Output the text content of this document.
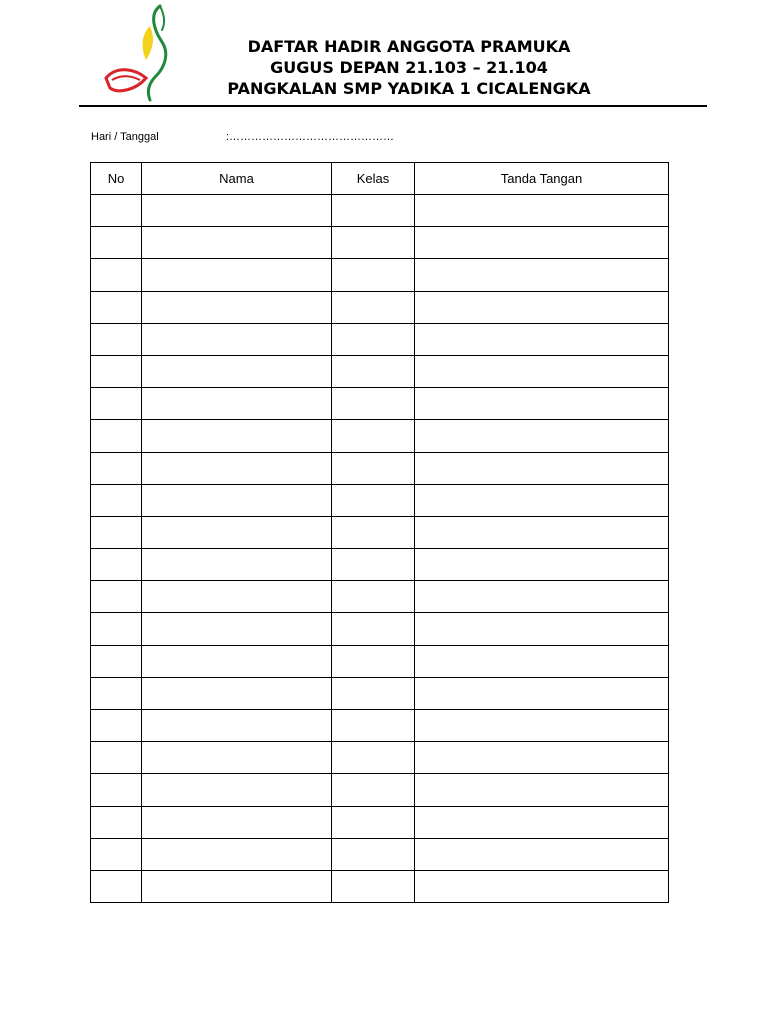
DAFTAR HADIR ANGGOTA PRAMUKA
GUGUS DEPAN 21.103 – 21.104
PANGKALAN SMP YADIKA 1 CICALENGKA
Hari / Tanggal	:………………………………………
No	Nama	Kelas	Tanda Tangan
